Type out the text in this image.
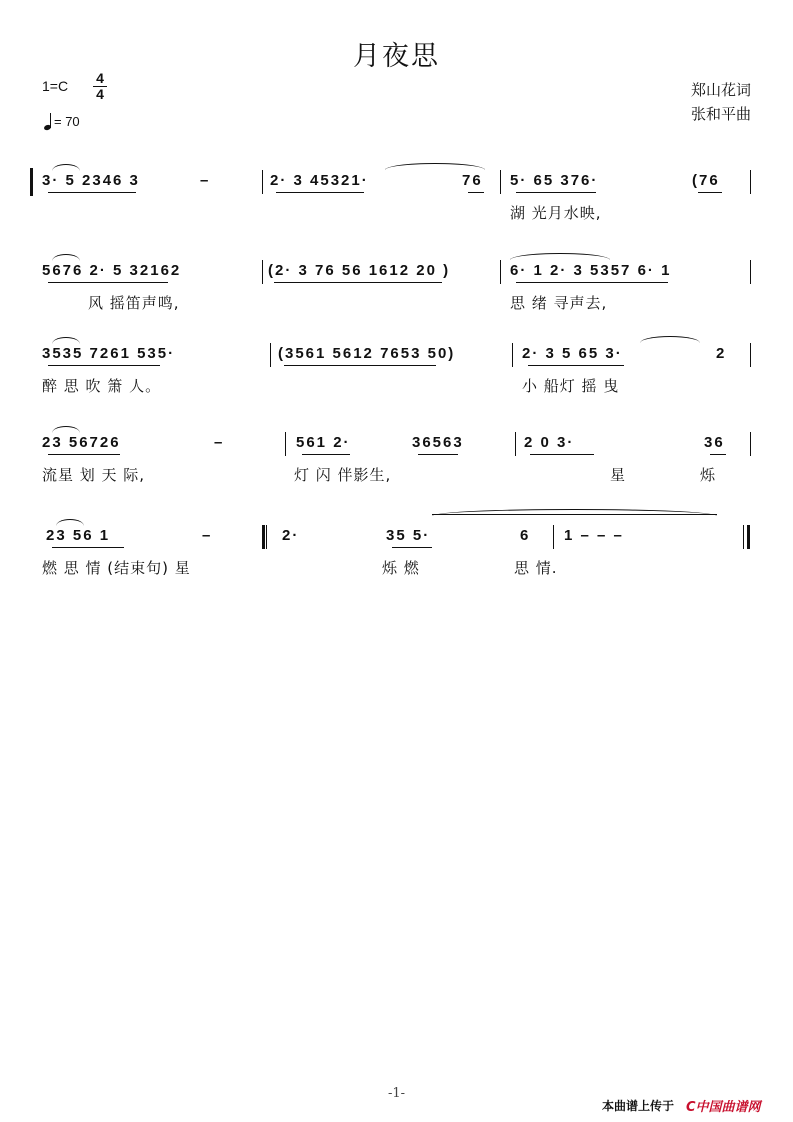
月夜思
1=C 4
4
= 70
郑山花词
张和平曲
3· 5 2346 3	–	2· 3 45321·	76 5· 65 376·	(76
湖 光月水映,
5676 2· 5 32162	(2· 3 76 56 1612 20 )	6· 1 2· 3 5357 6· 1
风 摇笛声鸣,	思 绪 寻声去,
3535 7261 535·	(3561 5612 7653 50)	2· 3 5 65 3·	2
醉 思 吹 箫 人。	小 船灯 摇 曳
23 56726	–	561 2·	36563	2 0 3·	36
流星 划 天 际,	灯 闪 伴影生,	星	烁
23 56 1	–	2·	35 5·	6 1 – – –
燃 思 情 (结束句) 星	烁 燃	思 情.
-1-
本曲谱上传于 C中国曲谱网
